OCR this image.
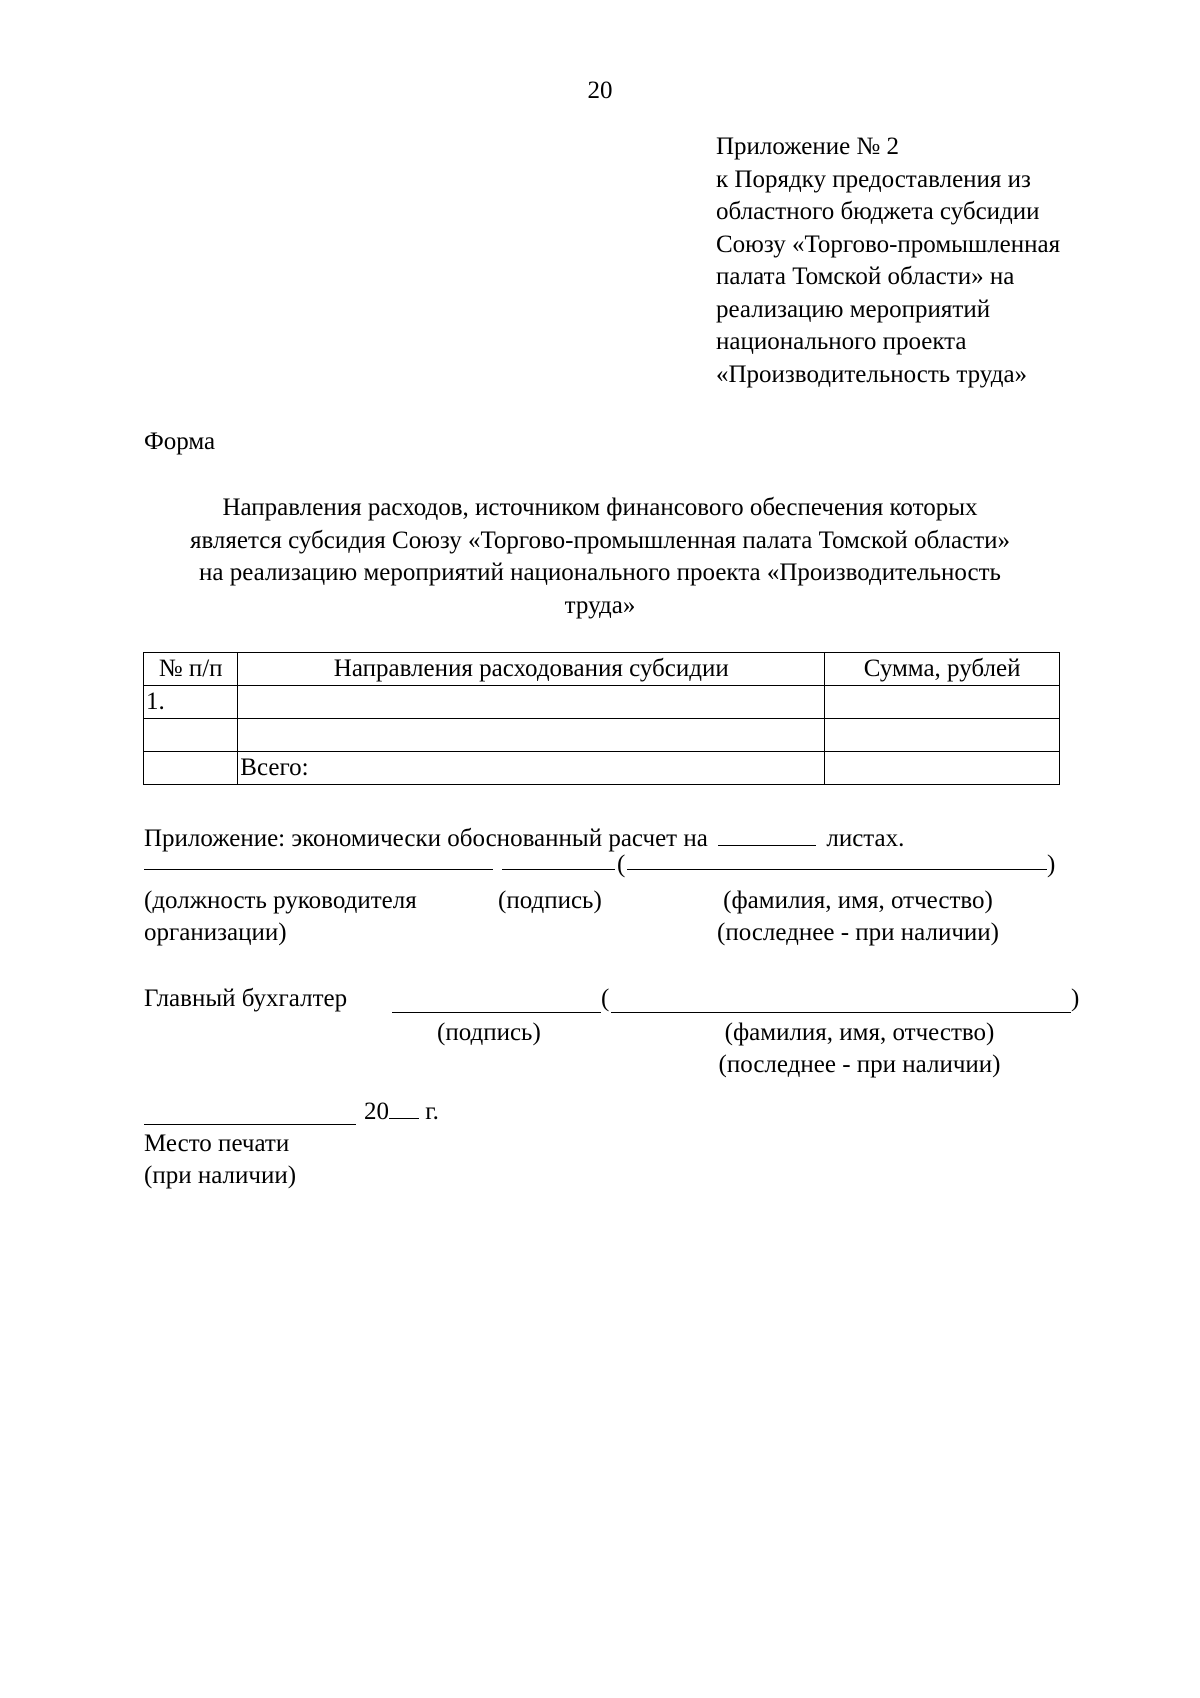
20
Приложение № 2
к Порядку предоставления из
областного бюджета субсидии
Союзу «Торгово-промышленная
палата Томской области» на
реализацию мероприятий
национального проекта
«Производительность труда»
Форма
Направления расходов, источником финансового обеспечения которых
является субсидия Союзу «Торгово-промышленная палата Томской области»
на реализацию мероприятий национального проекта «Производительность
труда»
№ п/п	Направления расходования субсидии	Сумма, рублей
1.		

	Всего:	
Приложение: экономически обоснованный расчет на	листах.
(	)
(должность руководителя
организации)
(подпись)	(фамилия, имя, отчество)
(последнее - при наличии)
Главный бухгалтер	(	)
(подпись)	(фамилия, имя, отчество)
(последнее - при наличии)
20 г.
Место печати
(при наличии)
